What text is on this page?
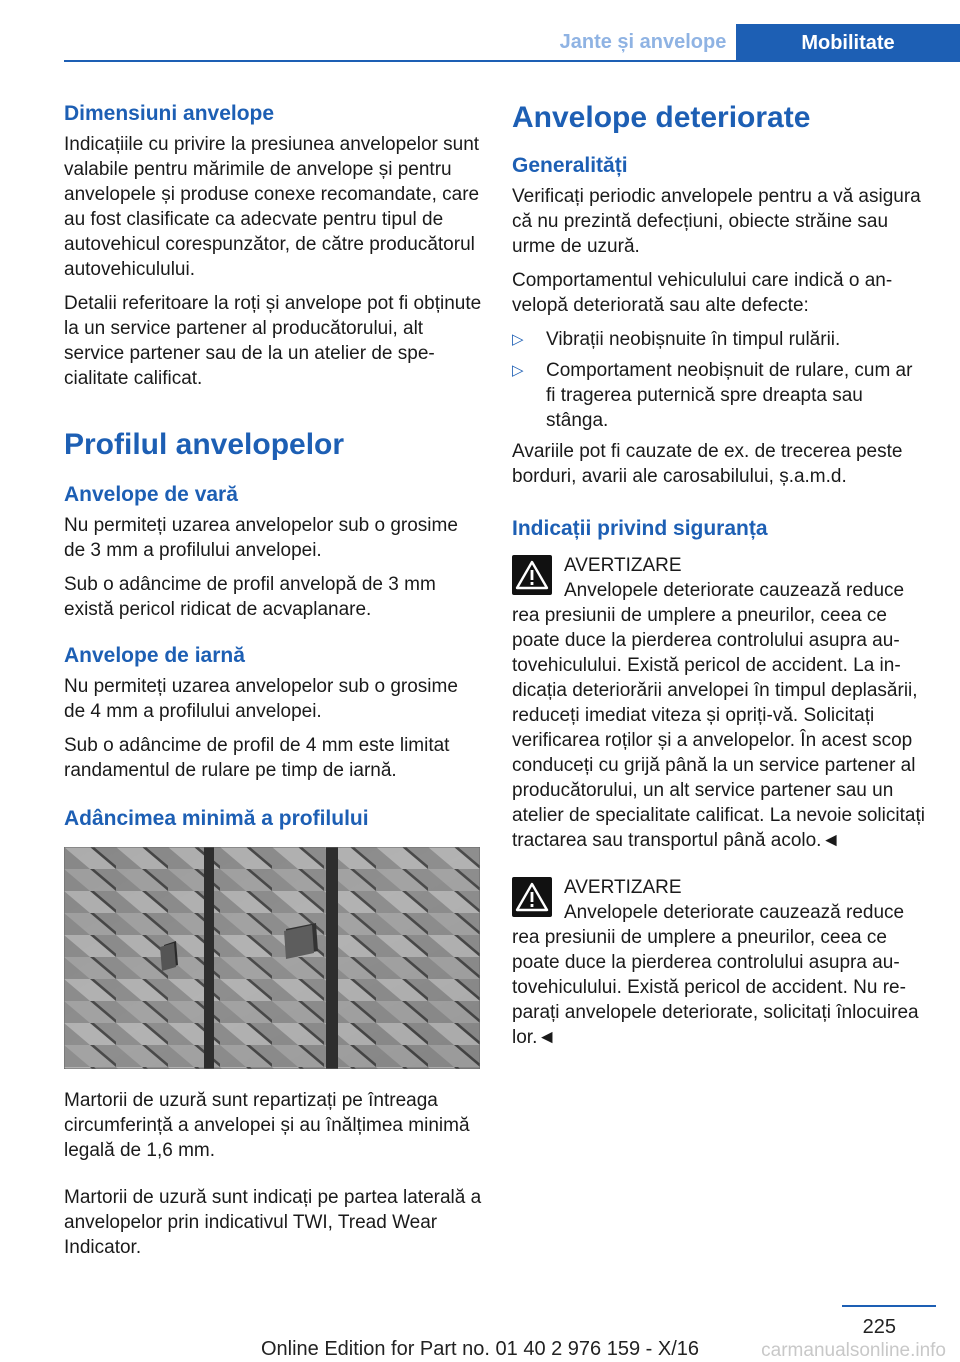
Jante și anvelope	Mobilitate
Dimensiuni anvelope

Indicațiile cu privire la presiunea anvelopelor sunt valabile pentru mărimile de anvelope și pentru anvelopele și produse conexe recomandate, care au fost clasificate ca adecvate pentru tipul de autovehicul corespunzător, de către producătorul autovehiculului.

Detalii referitoare la roți și anvelope pot fi obținute la un service partener al producătorului, alt service partener sau de la un atelier de specialitate calificat.

Profilul anvelopelor
Anvelope de vară

Nu permiteți uzarea anvelopelor sub o grosime de 3 mm a profilului anvelopei.

Sub o adâncime de profil anvelopă de 3 mm există pericol ridicat de acvaplanare.

Anvelope de iarnă

Nu permiteți uzarea anvelopelor sub o grosime de 4 mm a profilului anvelopei.

Sub o adâncime de profil de 4 mm este limitat randamentul de rulare pe timp de iarnă.

Adâncimea minimă a profilului

Martorii de uzură sunt repartizați pe întreaga circumferință a anvelopei și au înălțimea minimă legală de 1,6 mm.

Martorii de uzură sunt indicați pe partea laterală a anvelopelor prin indicativul TWI, Tread Wear Indicator.

Anvelope deteriorate
Generalități

Verificați periodic anvelopele pentru a vă asigura că nu prezintă defecțiuni, obiecte străine sau urme de uzură.

Comportamentul vehiculului care indică o anvelopă deteriorată sau alte defecte:

▷ Vibrații neobișnuite în timpul rulării.
▷ Comportament neobișnuit de rulare, cum ar fi tragerea puternică spre dreapta sau stânga.

Avariile pot fi cauzate de ex. de trecerea peste borduri, avarii ale carosabilului, ș.a.m.d.

Indicații privind siguranța
AVERTIZARE
Anvelopele deteriorate cauzează reduce
rea presiunii de umplere a pneurilor, ceea ce poate duce la pierderea controlului asupra autovehiculului. Există pericol de accident. La indicația deteriorării anvelopei în timpul deplasării, reduceți imediat viteza și opriți-vă. Solicitați verificarea roților și a anvelopelor. În acest scop conduceți cu grijă până la un service partener al producătorului, un alt service partener sau un atelier de specialitate calificat. La nevoie solicitați tractarea sau transportul până acolo.◄
AVERTIZARE
Anvelopele deteriorate cauzează reduce
rea presiunii de umplere a pneurilor, ceea ce poate duce la pierderea controlului asupra autovehiculului. Există pericol de accident. Nu reparați anvelopele deteriorate, solicitați înlocuirea lor.◄
225
Online Edition for Part no. 01 40 2 976 159 - X/16	carmanualsonline.info
